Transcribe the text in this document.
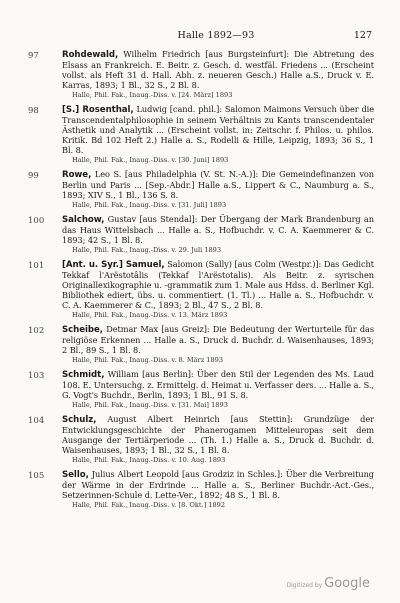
Halle 1892—93	127
97	Rohdewald, Wilhelm Friedrich [aus Burgsteinfurt]: Die Abtretung des Elsass an Frankreich. E. Beitr. z. Gesch. d. westfäl. Friedens ... (Erscheint vollst. als Heft 31 d. Hall. Abh. z. neueren Gesch.) Halle a.S., Druck v. E. Karras, 1893; 1 Bl., 32 S., 2 Bl. 8.
Halle, Phil. Fak., Inaug.-Diss. v. [24. März] 1893
98	[S.] Rosenthal, Ludwig [cand. phil.]: Salomon Maimons Versuch über die Transcendentalphilosophie in seinem Verhältnis zu Kants transcendentaler Ästhetik und Analytik ... (Erscheint vollst. in: Zeitschr. f. Philos. u. philos. Kritik. Bd 102 Heft 2.) Halle a. S., Rodelli & Hille, Leipzig, 1893; 36 S., 1 Bl. 8.
Halle, Phil. Fak., Inaug.-Diss. v. [30. Juni] 1893
99	Rowe, Leo S. [aus Philadelphia (V. St. N.-A.)]: Die Gemeindefinanzen von Berlin und Paris ... [Sep.-Abdr.] Halle a.S., Lippert & C., Naumburg a. S., 1893; XIV S., 1 Bl., 136 S. 8.
Halle, Phil. Fak., Inaug.-Diss. v. [31. Juli] 1893
100	Salchow, Gustav [aus Stendal]: Der Übergang der Mark Brandenburg an das Haus Wittelsbach ... Halle a. S., Hofbuchdr. v. C. A. Kaemmerer & C. 1893; 42 S., 1 Bl. 8.
Halle, Phil. Fak., Inaug.-Diss. v. 29. Juli 1893
101	[Ant. u. Syr.] Samuel, Salomon (Sally) [aus Colm (Westpr.)]: Das Gedicht Tekkaf l'Arëstotâlis (Tekkaf l'Arëstotalis). Als Beitr. z. syrischen Originallexikographie u. -grammatik zum 1. Male aus Hdss. d. Berliner Kgl. Bibliothek ediert, übs. u. commentiert. (1. Tl.) ... Halle a. S., Hofbuchdr. v. C. A. Kaemmerer & C., 1893; 2 Bl., 47 S., 2 Bl. 8.
Halle, Phil. Fak., Inaug.-Diss. v. 13. März 1893
102	Scheibe, Detmar Max [aus Greiz]: Die Bedeutung der Werturteile für das religiöse Erkennen ... Halle a. S., Druck d. Buchdr. d. Waisenhauses, 1893; 2 Bl., 89 S., 1 Bl. 8.
Halle, Phil. Fak., Inaug.-Diss. v. 8. März 1893
103	Schmidt, William [aus Berlin]: Über den Stil der Legenden des Ms. Laud 108. E. Untersuchg. z. Ermittelg. d. Heimat u. Verfasser ders. ... Halle a. S., G. Vogt's Buchdr., Berlin, 1893; 1 Bl., 91 S. 8.
Halle, Phil. Fak., Inaug.-Diss. v. [31. Mai] 1893
104	Schulz, August Albert Heinrich [aus Stettin]: Grundzüge der Entwicklungsgeschichte der Phanerogamen Mitteleuropas seit dem Ausgange der Tertiärperiode ... (Th. 1.) Halle a. S., Druck d. Buchdr. d. Waisenhauses, 1893; 1 Bl., 32 S., 1 Bl. 8.
Halle, Phil. Fak., Inaug.-Diss. v. 10. Aug. 1893
105	Sello, Julius Albert Leopold [aus Grodziz in Schles.]: Über die Verbreitung der Wärme in der Erdrinde ... Halle a. S., Berliner Buchdr.-Act.-Ges., Setzerinnen-Schule d. Lette-Ver., 1892; 48 S., 1 Bl. 8.
Halle, Phil. Fak., Inaug.-Diss. v. [8. Okt.] 1892
Digitized by Google
